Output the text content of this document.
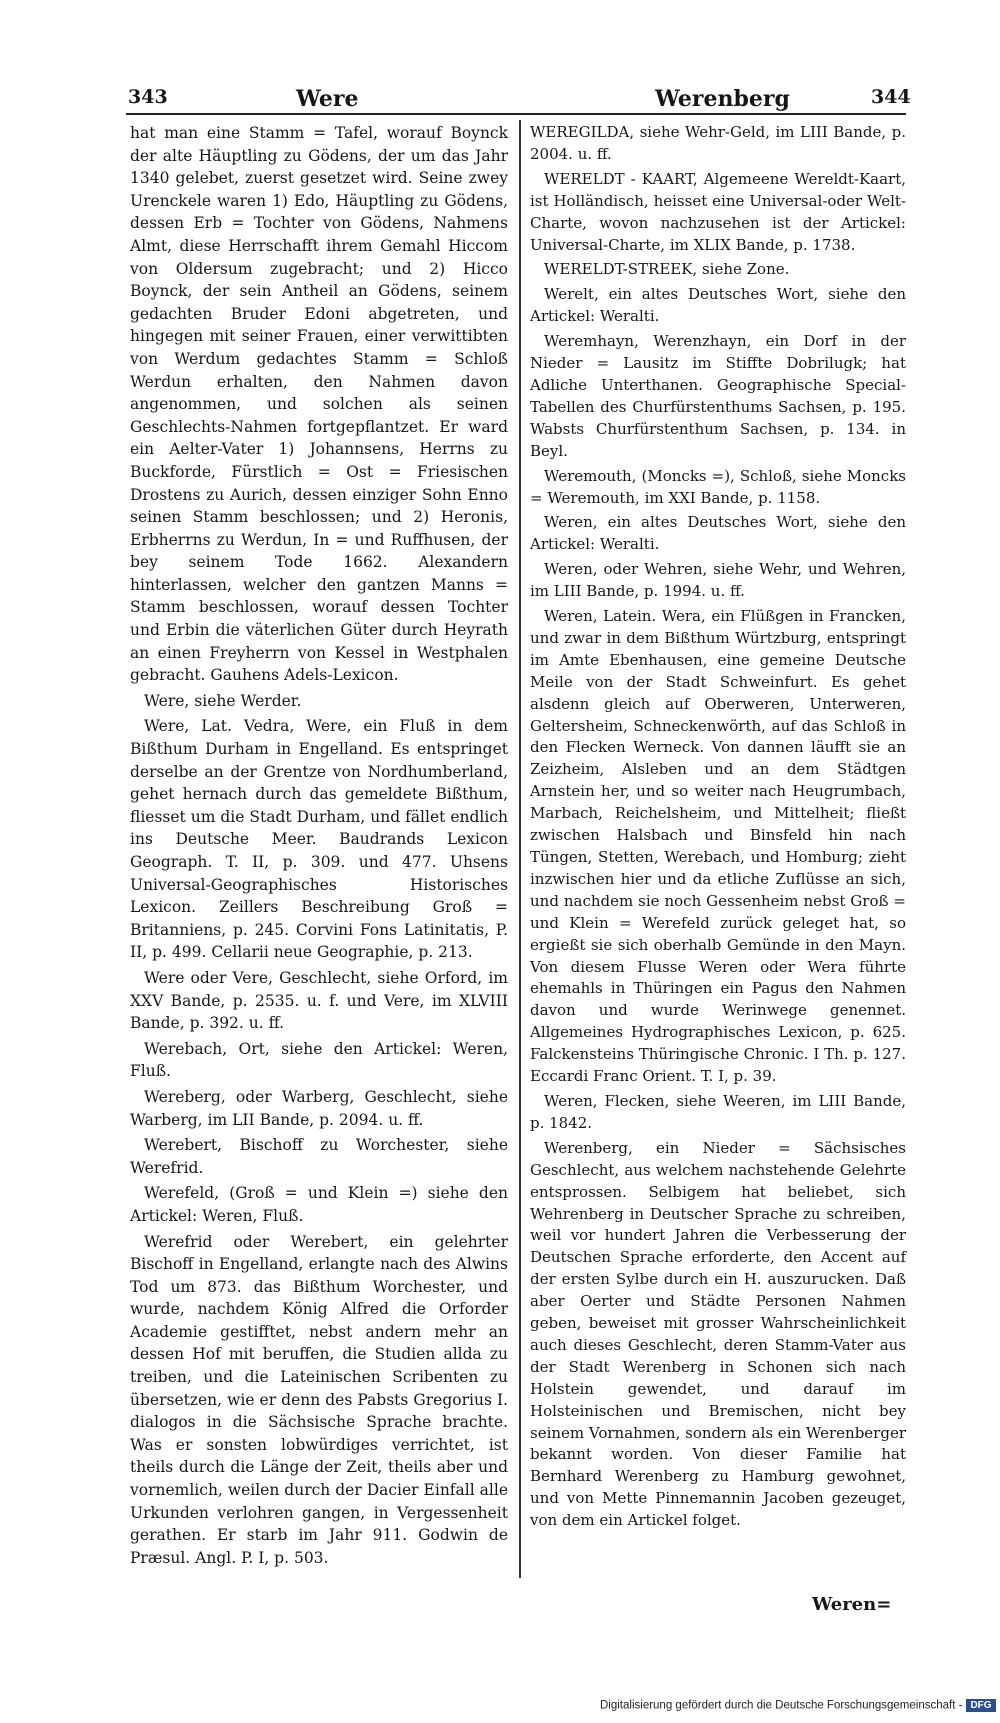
343	Were	Werenberg	344

hat man eine Stamm = Tafel, worauf Boynck der alte Häuptling zu Gödens, der um das Jahr 1340 gelebet, zuerst gesetzet wird. Seine zwey Urenckele waren 1) Edo, Häuptling zu Gödens, dessen Erb = Tochter von Gödens, Nahmens Almt, diese Herrschafft ihrem Gemahl Hiccom von Oldersum zugebracht; und 2) Hicco Boynck, der sein Antheil an Gödens, seinem gedachten Bruder Edoni abgetreten, und hingegen mit seiner Frauen, einer verwittibten von Werdum gedachtes Stamm = Schloß Werdun erhalten, den Nahmen davon angenommen, und solchen als seinen Geschlechts-Nahmen fortgepflantzet. Er ward ein Aelter-Vater 1) Johannsens, Herrns zu Buckforde, Fürstlich = Ost = Friesischen Drostens zu Aurich, dessen einziger Sohn Enno seinen Stamm beschlossen; und 2) Heronis, Erbherrns zu Werdun, In = und Ruffhusen, der bey seinem Tode 1662. Alexandern hinterlassen, welcher den gantzen Manns = Stamm beschlossen, worauf dessen Tochter und Erbin die väterlichen Güter durch Heyrath an einen Freyherrn von Kessel in Westphalen gebracht. Gauhens Adels-Lexicon.

Were, siehe Werder.

Were, Lat. Vedra, Were, ein Fluß in dem Bißthum Durham in Engelland. Es entspringet derselbe an der Grentze von Nordhumberland, gehet hernach durch das gemeldete Bißthum, fliesset um die Stadt Durham, und fället endlich ins Deutsche Meer. Baudrands Lexicon Geograph. T. II, p. 309. und 477. Uhsens Universal-Geographisches Historisches Lexicon. Zeillers Beschreibung Groß = Britanniens, p. 245. Corvini Fons Latinitatis, P. II, p. 499. Cellarii neue Geographie, p. 213.

Were oder Vere, Geschlecht, siehe Orford, im XXV Bande, p. 2535. u. f. und Vere, im XLVIII Bande, p. 392. u. ff.

Werebach, Ort, siehe den Artickel: Weren, Fluß.

Wereberg, oder Warberg, Geschlecht, siehe Warberg, im LII Bande, p. 2094. u. ff.

Werebert, Bischoff zu Worchester, siehe Werefrid.

Werefeld, (Groß = und Klein =) siehe den Artickel: Weren, Fluß.

Werefrid oder Werebert, ein gelehrter Bischoff in Engelland, erlangte nach des Alwins Tod um 873. das Bißthum Worchester, und wurde, nachdem König Alfred die Orforder Academie gestifftet, nebst andern mehr an dessen Hof mit beruffen, die Studien allda zu treiben, und die Lateinischen Scribenten zu übersetzen, wie er denn des Pabsts Gregorius I. dialogos in die Sächsische Sprache brachte. Was er sonsten lobwürdiges verrichtet, ist theils durch die Länge der Zeit, theils aber und vornemlich, weilen durch der Dacier Einfall alle Urkunden verlohren gangen, in Vergessenheit gerathen. Er starb im Jahr 911. Godwin de Præsul. Angl. P. I, p. 503.

WEREGILDA, siehe Wehr-Geld, im LIII Bande, p. 2004. u. ff.

WERELDT - KAART, Algemeene Wereldt-Kaart, ist Holländisch, heisset eine Universal-oder Welt-Charte, wovon nachzusehen ist der Artickel: Universal-Charte, im XLIX Bande, p. 1738.

WERELDT-STREEK, siehe Zone.

Werelt, ein altes Deutsches Wort, siehe den Artickel: Weralti.

Weremhayn, Werenzhayn, ein Dorf in der Nieder = Lausitz im Stiffte Dobrilugk; hat Adliche Unterthanen. Geographische Special-Tabellen des Churfürstenthums Sachsen, p. 195. Wabsts Churfürstenthum Sachsen, p. 134. in Beyl.

Weremouth, (Moncks =), Schloß, siehe Moncks = Weremouth, im XXI Bande, p. 1158.

Weren, ein altes Deutsches Wort, siehe den Artickel: Weralti.

Weren, oder Wehren, siehe Wehr, und Wehren, im LIII Bande, p. 1994. u. ff.

Weren, Latein. Wera, ein Flüßgen in Francken, und zwar in dem Bißthum Würtzburg, entspringt im Amte Ebenhausen, eine gemeine Deutsche Meile von der Stadt Schweinfurt. Es gehet alsdenn gleich auf Oberweren, Unterweren, Geltersheim, Schneckenwörth, auf das Schloß in den Flecken Werneck. Von dannen läufft sie an Zeizheim, Alsleben und an dem Städtgen Arnstein her, und so weiter nach Heugrumbach, Marbach, Reichelsheim, und Mittelheit; fließt zwischen Halsbach und Binsfeld hin nach Tüngen, Stetten, Werebach, und Homburg; zieht inzwischen hier und da etliche Zuflüsse an sich, und nachdem sie noch Gessenheim nebst Groß = und Klein = Werefeld zurück geleget hat, so ergießt sie sich oberhalb Gemünde in den Mayn. Von diesem Flusse Weren oder Wera führte ehemahls in Thüringen ein Pagus den Nahmen davon und wurde Werinwege genennet. Allgemeines Hydrographisches Lexicon, p. 625. Falckensteins Thüringische Chronic. I Th. p. 127. Eccardi Franc Orient. T. I, p. 39.

Weren, Flecken, siehe Weeren, im LIII Bande, p. 1842.

Werenberg, ein Nieder = Sächsisches Geschlecht, aus welchem nachstehende Gelehrte entsprossen. Selbigem hat beliebet, sich Wehrenberg in Deutscher Sprache zu schreiben, weil vor hundert Jahren die Verbesserung der Deutschen Sprache erforderte, den Accent auf der ersten Sylbe durch ein H. auszurucken. Daß aber Oerter und Städte Personen Nahmen geben, beweiset mit grosser Wahrscheinlichkeit auch dieses Geschlecht, deren Stamm-Vater aus der Stadt Werenberg in Schonen sich nach Holstein gewendet, und darauf im Holsteinischen und Bremischen, nicht bey seinem Vornahmen, sondern als ein Werenberger bekannt worden. Von dieser Familie hat Bernhard Werenberg zu Hamburg gewohnet, und von Mette Pinnemannin Jacoben gezeuget, von dem ein Artickel folget.

Weren=
Digitalisierung gefördert durch die Deutsche Forschungsgemeinschaft - DFG
